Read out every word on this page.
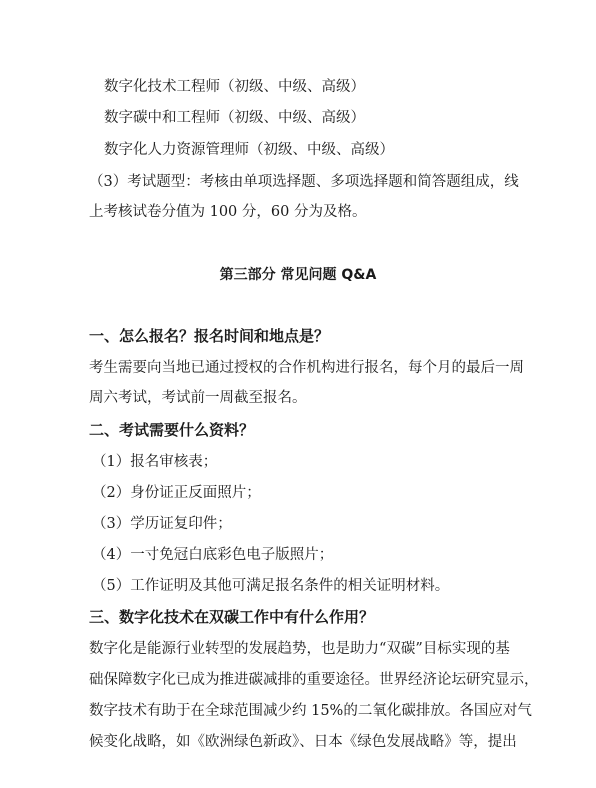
数字化技术工程师（初级、中级、高级）
数字碳中和工程师（初级、中级、高级）
数字化人力资源管理师（初级、中级、高级）
（3）考试题型：考核由单项选择题、多项选择题和简答题组成，线
上考核试卷分值为 100 分，60 分为及格。
第三部分 常见问题 Q&A
一、怎么报名？报名时间和地点是？
考生需要向当地已通过授权的合作机构进行报名，每个月的最后一周
周六考试，考试前一周截至报名。
二、考试需要什么资料？
（1）报名审核表；
（2）身份证正反面照片；
（3）学历证复印件；
（4）一寸免冠白底彩色电子版照片；
（5）工作证明及其他可满足报名条件的相关证明材料。
三、数字化技术在双碳工作中有什么作用？
数字化是能源行业转型的发展趋势，也是助力“双碳”目标实现的基
础保障数字化已成为推进碳减排的重要途径。世界经济论坛研究显示，
数字技术有助于在全球范围减少约 15%的二氧化碳排放。各国应对气
候变化战略，如《欧洲绿色新政》、日本《绿色发展战略》等，提出
